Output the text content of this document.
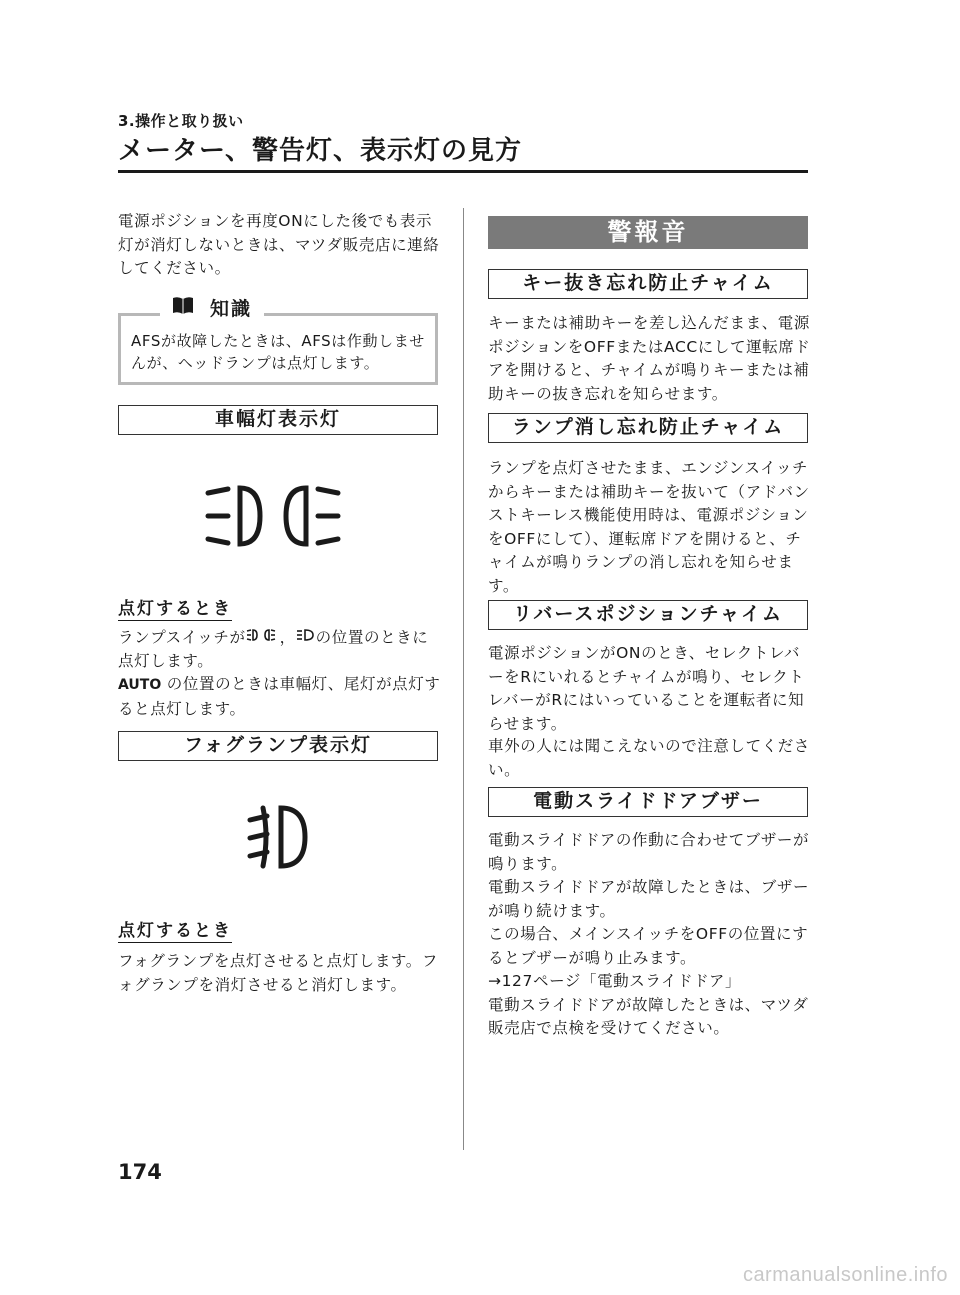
3.操作と取り扱い
メーター、警告灯、表示灯の見方

電源ポジションを再度ONにした後でも表示灯が消灯しないときは、マツダ販売店に連絡してください。

AFSが故障したときは、AFSは作動しませんが、ヘッドランプは点灯します。

知識
車幅灯表示灯
点灯するとき
ランプスイッチが ， の位置のときに
点灯します。
AUTO の位置のときは車幅灯、尾灯が点灯す
ると点灯します。
フォグランプ表示灯
点灯するとき

フォグランプを点灯させると点灯します。フォグランプを消灯させると消灯します。

警報音
キー抜き忘れ防止チャイム

キーまたは補助キーを差し込んだまま、電源ポジションをOFFまたはACCにして運転席ドアを開けると、チャイムが鳴りキーまたは補助キーの抜き忘れを知らせます。

ランプ消し忘れ防止チャイム

ランプを点灯させたまま、エンジンスイッチからキーまたは補助キーを抜いて（アドバンストキーレス機能使用時は、電源ポジションをOFFにして）、運転席ドアを開けると、チャイムが鳴りランプの消し忘れを知らせます。

リバースポジションチャイム

電源ポジションがONのとき、セレクトレバーをRにいれるとチャイムが鳴り、セレクトレバーがRにはいっていることを運転者に知らせます。

車外の人には聞こえないので注意してください。

電動スライドドアブザー
電動スライドドアの作動に合わせてブザーが鳴ります。
電動スライドドアが故障したときは、ブザーが鳴り続けます。
この場合、メインスイッチをOFFの位置にするとブザーが鳴り止みます。
→127ページ「電動スライドドア」
電動スライドドアが故障したときは、マツダ販売店で点検を受けてください。
174
carmanualsonline.info
